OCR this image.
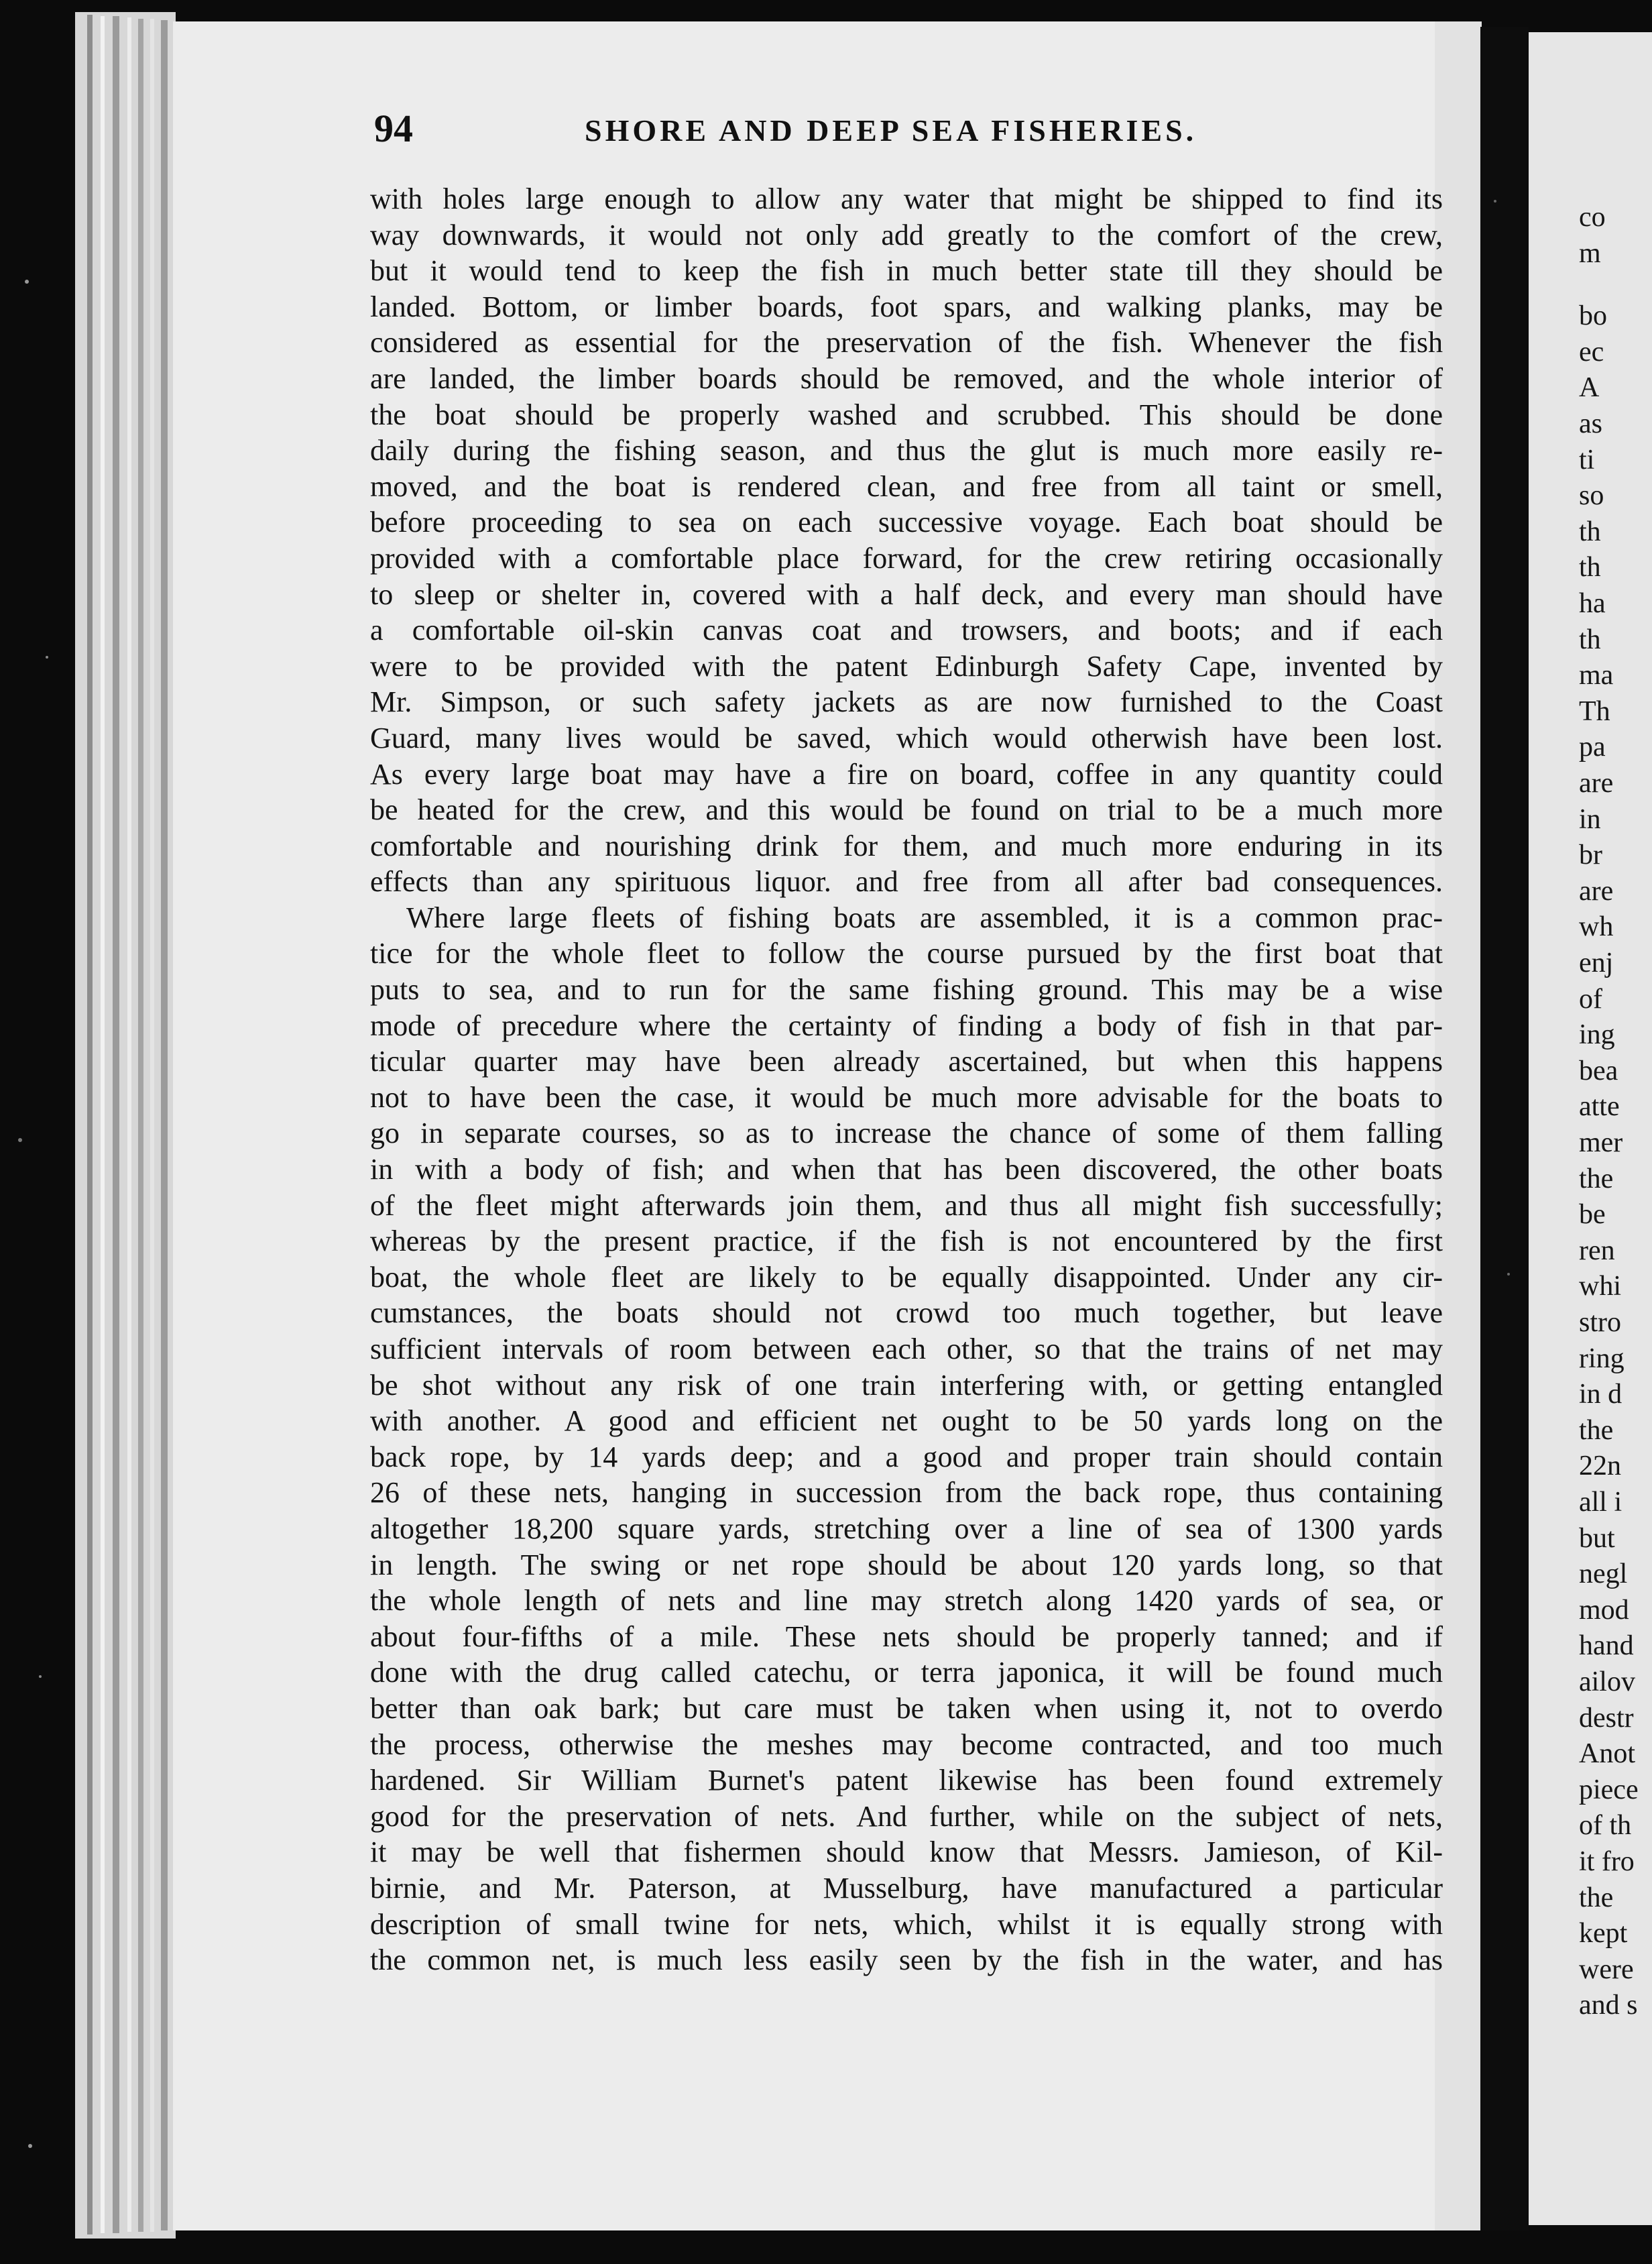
94	SHORE AND DEEP SEA FISHERIES.
with holes large enough to allow any water that might be shipped to find its
way downwards, it would not only add greatly to the comfort of the crew,
but it would tend to keep the fish in much better state till they should be
landed. Bottom, or limber boards, foot spars, and walking planks, may be
considered as essential for the preservation of the fish. Whenever the fish
are landed, the limber boards should be removed, and the whole interior of
the boat should be properly washed and scrubbed. This should be done
daily during the fishing season, and thus the glut is much more easily re-
moved, and the boat is rendered clean, and free from all taint or smell,
before proceeding to sea on each successive voyage. Each boat should be
provided with a comfortable place forward, for the crew retiring occasionally
to sleep or shelter in, covered with a half deck, and every man should have
a comfortable oil-skin canvas coat and trowsers, and boots; and if each
were to be provided with the patent Edinburgh Safety Cape, invented by
Mr. Simpson, or such safety jackets as are now furnished to the Coast
Guard, many lives would be saved, which would otherwish have been lost.
As every large boat may have a fire on board, coffee in any quantity could
be heated for the crew, and this would be found on trial to be a much more
comfortable and nourishing drink for them, and much more enduring in its
effects than any spirituous liquor. and free from all after bad consequences.
Where large fleets of fishing boats are assembled, it is a common prac-
tice for the whole fleet to follow the course pursued by the first boat that
puts to sea, and to run for the same fishing ground. This may be a wise
mode of precedure where the certainty of finding a body of fish in that par-
ticular quarter may have been already ascertained, but when this happens
not to have been the case, it would be much more advisable for the boats to
go in separate courses, so as to increase the chance of some of them falling
in with a body of fish; and when that has been discovered, the other boats
of the fleet might afterwards join them, and thus all might fish successfully;
whereas by the present practice, if the fish is not encountered by the first
boat, the whole fleet are likely to be equally disappointed. Under any cir-
cumstances, the boats should not crowd too much together, but leave
sufficient intervals of room between each other, so that the trains of net may
be shot without any risk of one train interfering with, or getting entangled
with another. A good and efficient net ought to be 50 yards long on the
back rope, by 14 yards deep; and a good and proper train should contain
26 of these nets, hanging in succession from the back rope, thus containing
altogether 18,200 square yards, stretching over a line of sea of 1300 yards
in length. The swing or net rope should be about 120 yards long, so that
the whole length of nets and line may stretch along 1420 yards of sea, or
about four-fifths of a mile. These nets should be properly tanned; and if
done with the drug called catechu, or terra japonica, it will be found much
better than oak bark; but care must be taken when using it, not to overdo
the process, otherwise the meshes may become contracted, and too much
hardened. Sir William Burnet's patent likewise has been found extremely
good for the preservation of nets. And further, while on the subject of nets,
it may be well that fishermen should know that Messrs. Jamieson, of Kil-
birnie, and Mr. Paterson, at Musselburg, have manufactured a particular
description of small twine for nets, which, whilst it is equally strong with
the common net, is much less easily seen by the fish in the water, and has
co
m
bo
ec
A
as
ti
so
th
th
ha
th
ma
Th
pa
are
in
br
are
wh
enj
of
ing
bea
atte
mer
the
be
ren
whi
stro
ring
in d
the
22n
all i
but
negl
mod
hand
ailov
destr
Anot
piece
of th
it fro
the
kept
were
and s
